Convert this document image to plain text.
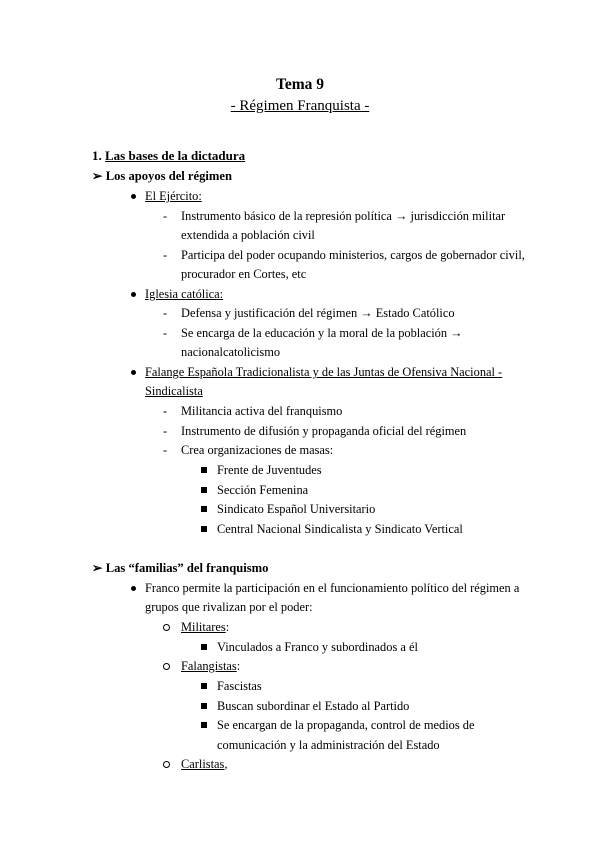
Tema 9
- Régimen Franquista -
1. Las bases de la dictadura
➢ Los apoyos del régimen
El Ejército:
- Instrumento básico de la represión política → jurisdicción militar
extendida a población civil
- Participa del poder ocupando ministerios, cargos de gobernador civil,
procurador en Cortes, etc
Iglesia católica:
- Defensa y justificación del régimen → Estado Católico
- Se encarga de la educación y la moral de la población →
nacionalcatolicismo
Falange Española Tradicionalista y de las Juntas de Ofensiva Nacional -
Sindicalista
- Militancia activa del franquismo
- Instrumento de difusión y propaganda oficial del régimen
- Crea organizaciones de masas:
Frente de Juventudes
Sección Femenina
Sindicato Español Universitario
Central Nacional Sindicalista y Sindicato Vertical
➢ Las “familias” del franquismo
Franco permite la participación en el funcionamiento político del régimen a
grupos que rivalizan por el poder:
Militares:
Vinculados a Franco y subordinados a él
Falangistas:
Fascistas
Buscan subordinar el Estado al Partido
Se encargan de la propaganda, control de medios de
comunicación y la administración del Estado
Carlistas,
